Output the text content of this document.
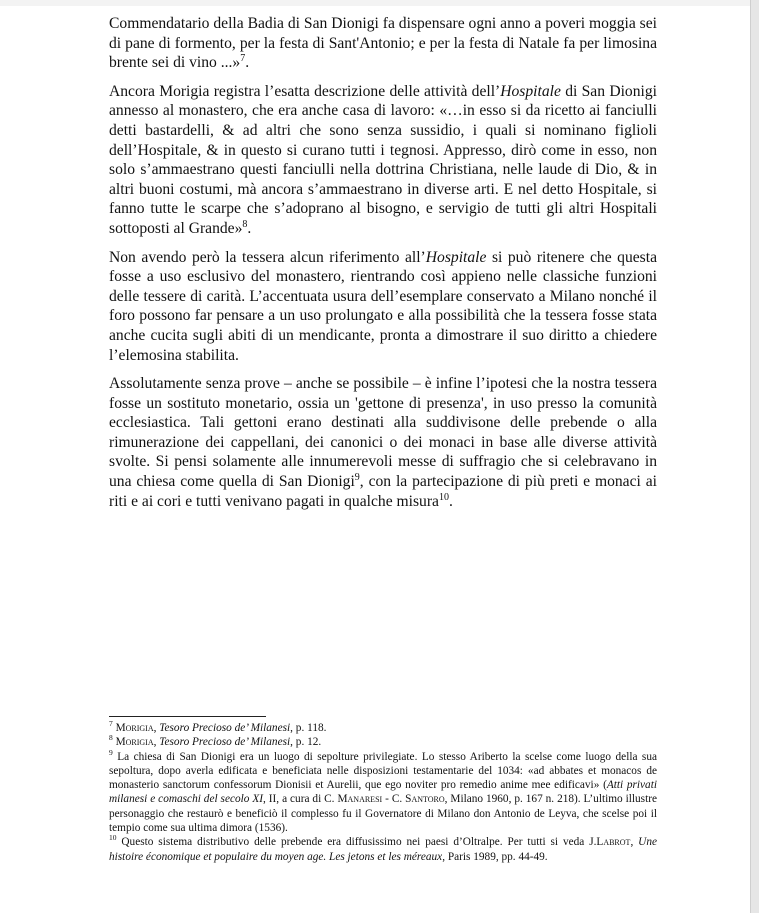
Commendatario della Badia di San Dionigi fa dispensare ogni anno a poveri moggia sei di pane di formento, per la festa di Sant'Antonio; e per la festa di Natale fa per limosina brente sei di vino ...»$^7$.

Ancora Morigia registra l’esatta descrizione delle attività dell’Hospitale di San Dionigi annesso al monastero, che era anche casa di lavoro: «…in esso si da ricetto ai fanciulli detti bastardelli, & ad altri che sono senza sussidio, i quali si nominano figlioli dell’Hospitale, & in questo si curano tutti i tegnosi. Appresso, dirò come in esso, non solo s’ammaestrano questi fanciulli nella dottrina Christiana, nelle laude di Dio, & in altri buoni costumi, mà ancora s’ammaestrano in diverse arti. E nel detto Hospitale, si fanno tutte le scarpe che s’adoprano al bisogno, e servigio de tutti gli altri Hospitali sottoposti al Grande»$^8$.

Non avendo però la tessera alcun riferimento all’Hospitale si può ritenere che questa fosse a uso esclusivo del monastero, rientrando così appieno nelle classiche funzioni delle tessere di carità. L’accentuata usura dell’esemplare conservato a Milano nonché il foro possono far pensare a un uso prolungato e alla possibilità che la tessera fosse stata anche cucita sugli abiti di un mendicante, pronta a dimostrare il suo diritto a chiedere l’elemosina stabilita.

Assolutamente senza prove – anche se possibile – è infine l’ipotesi che la nostra tessera fosse un sostituto monetario, ossia un 'gettone di presenza', in uso presso la comunità ecclesiastica. Tali gettoni erano destinati alla suddivisone delle prebende o alla rimunerazione dei cappellani, dei canonici o dei monaci in base alle diverse attività svolte. Si pensi solamente alle innumerevoli messe di suffragio che si celebravano in una chiesa come quella di San Dionigi$^9$, con la partecipazione di più preti e monaci ai riti e ai cori e tutti venivano pagati in qualche misura$^{10}$.

$^7$ Morigia, Tesoro Precioso de’ Milanesi, p. 118.

$^8$ Morigia, Tesoro Precioso de’ Milanesi, p. 12.

$^9$ La chiesa di San Dionigi era un luogo di sepolture privilegiate. Lo stesso Ariberto la scelse come luogo della sua sepoltura, dopo averla edificata e beneficiata nelle disposizioni testamentarie del 1034: «ad abbates et monacos de monasterio sanctorum confessorum Dionisii et Aurelii, que ego noviter pro remedio anime mee edificavi» (Atti privati milanesi e comaschi del secolo XI, II, a cura di C. Manaresi - C. Santoro, Milano 1960, p. 167 n. 218). L’ultimo illustre personaggio che restaurò e beneficiò il complesso fu il Governatore di Milano don Antonio de Leyva, che scelse poi il tempio come sua ultima dimora (1536).

$^{10}$ Questo sistema distributivo delle prebende era diffusissimo nei paesi d’Oltralpe. Per tutti si veda J.Labrot, Une histoire économique et populaire du moyen age. Les jetons et les méreaux, Paris 1989, pp. 44-49.
